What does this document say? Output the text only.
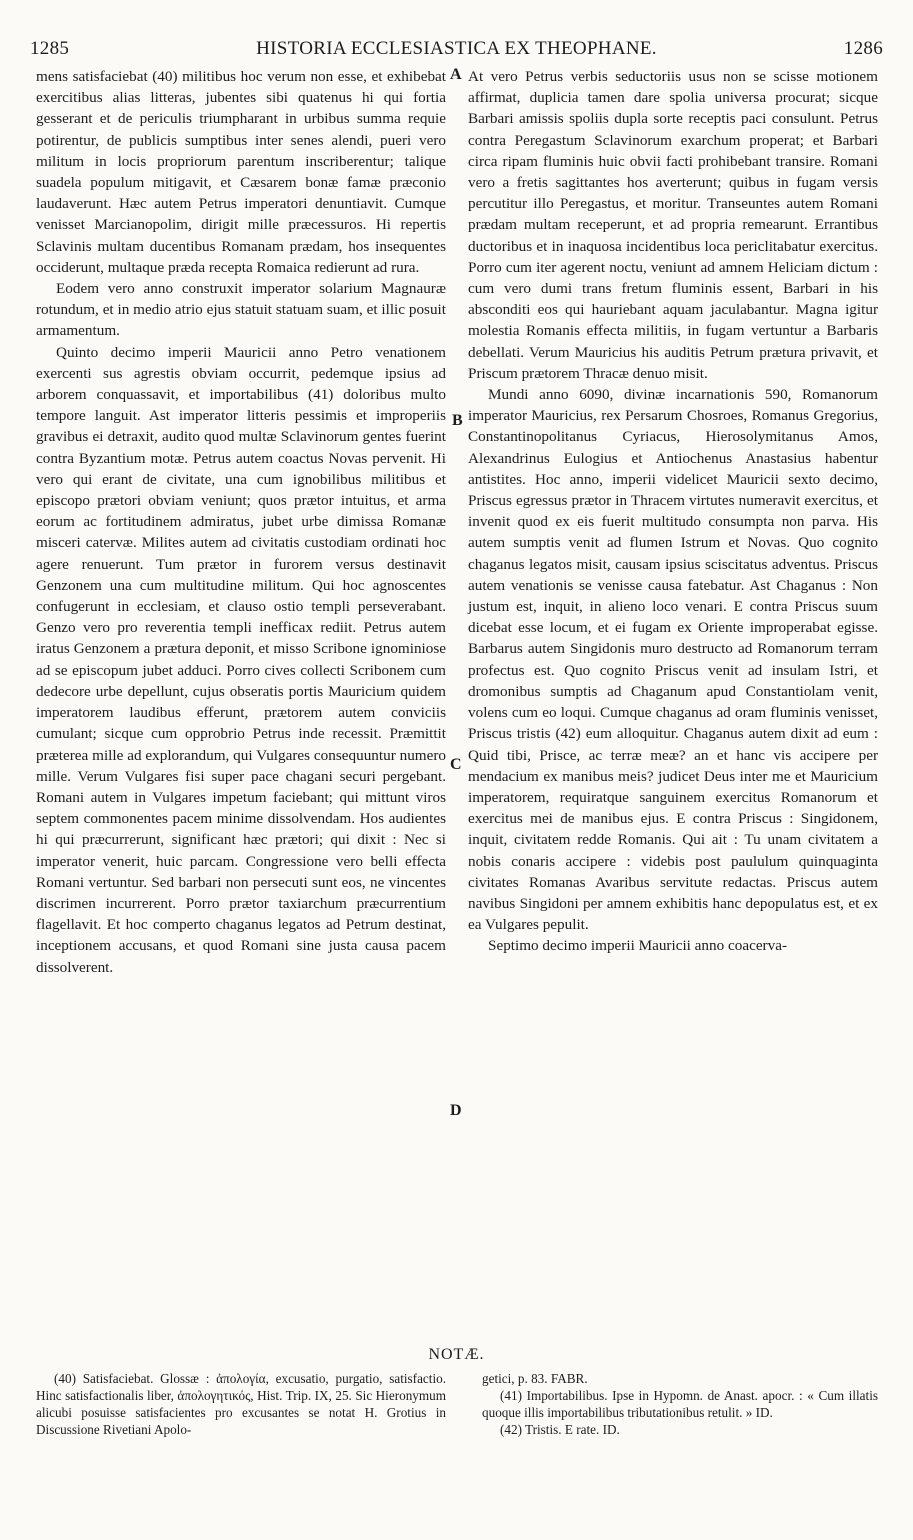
1285	HISTORIA ECCLESIASTICA EX THEOPHANE.	1286

mens satisfaciebat (40) militibus hoc verum non esse, et exhibebat exercitibus alias litteras, jubentes sibi quatenus hi qui fortia gesserant et de periculis triumpharant in urbibus summa requie potirentur, de publicis sumptibus inter senes alendi, pueri vero militum in locis propriorum parentum inscriberentur; talique suadela populum mitigavit, et Cæsarem bonæ famæ præconio laudaverunt. Hæc autem Petrus imperatori denuntiavit. Cumque venisset Marcianopolim, dirigit mille præcessuros. Hi repertis Sclavinis multam ducentibus Romanam prædam, hos insequentes occiderunt, multaque præda recepta Romaica redierunt ad rura.

Eodem vero anno construxit imperator solarium Magnauræ rotundum, et in medio atrio ejus statuit statuam suam, et illic posuit armamentum.

Quinto decimo imperii Mauricii anno Petro venationem exercenti sus agrestis obviam occurrit, pedemque ipsius ad arborem conquassavit, et importabilibus (41) doloribus multo tempore languit. Ast imperator litteris pessimis et improperiis gravibus ei detraxit, audito quod multæ Sclavinorum gentes fuerint contra Byzantium motæ. Petrus autem coactus Novas pervenit. Hi vero qui erant de civitate, una cum ignobilibus militibus et episcopo prætori obviam veniunt; quos prætor intuitus, et arma eorum ac fortitudinem admiratus, jubet urbe dimissa Romanæ misceri catervæ. Milites autem ad civitatis custodiam ordinati hoc agere renuerunt. Tum prætor in furorem versus destinavit Genzonem una cum multitudine militum. Qui hoc agnoscentes confugerunt in ecclesiam, et clauso ostio templi perseverabant. Genzo vero pro reverentia templi inefficax rediit. Petrus autem iratus Genzonem a prætura deponit, et misso Scribone ignominiose ad se episcopum jubet adduci. Porro cives collecti Scribonem cum dedecore urbe depellunt, cujus obseratis portis Mauricium quidem imperatorem laudibus efferunt, prætorem autem conviciis cumulant; sicque cum opprobrio Petrus inde recessit. Præmittit præterea mille ad explorandum, qui Vulgares consequuntur numero mille. Verum Vulgares fisi super pace chagani securi pergebant. Romani autem in Vulgares impetum faciebant; qui mittunt viros septem commonentes pacem minime dissolvendam. Hos audientes hi qui præcurrerunt, significant hæc prætori; qui dixit : Nec si imperator venerit, huic parcam. Congressione vero belli effecta Romani vertuntur. Sed barbari non persecuti sunt eos, ne vincentes discrimen incurrerent. Porro prætor taxiarchum præcurrentium flagellavit. Et hoc comperto chaganus legatos ad Petrum destinat, inceptionem accusans, et quod Romani sine justa causa pacem dissolverent.

At vero Petrus verbis seductoriis usus non se scisse motionem affirmat, duplicia tamen dare spolia universa procurat; sicque Barbari amissis spoliis dupla sorte receptis paci consulunt. Petrus contra Peregastum Sclavinorum exarchum properat; et Barbari circa ripam fluminis huic obvii facti prohibebant transire. Romani vero a fretis sagittantes hos averterunt; quibus in fugam versis percutitur illo Peregastus, et moritur. Transeuntes autem Romani prædam multam receperunt, et ad propria remearunt. Errantibus ductoribus et in inaquosa incidentibus loca periclitabatur exercitus. Porro cum iter agerent noctu, veniunt ad amnem Heliciam dictum : cum vero dumi trans fretum fluminis essent, Barbari in his absconditi eos qui hauriebant aquam jaculabantur. Magna igitur molestia Romanis effecta militiis, in fugam vertuntur a Barbaris debellati. Verum Mauricius his auditis Petrum prætura privavit, et Priscum prætorem Thracæ denuo misit.

Mundi anno 6090, divinæ incarnationis 590, Romanorum imperator Mauricius, rex Persarum Chosroes, Romanus Gregorius, Constantinopolitanus Cyriacus, Hierosolymitanus Amos, Alexandrinus Eulogius et Antiochenus Anastasius habentur antistites. Hoc anno, imperii videlicet Mauricii sexto decimo, Priscus egressus prætor in Thracem virtutes numeravit exercitus, et invenit quod ex eis fuerit multitudo consumpta non parva. His autem sumptis venit ad flumen Istrum et Novas. Quo cognito chaganus legatos misit, causam ipsius sciscitatus adventus. Priscus autem venationis se venisse causa fatebatur. Ast Chaganus : Non justum est, inquit, in alieno loco venari. E contra Priscus suum dicebat esse locum, et ei fugam ex Oriente improperabat egisse. Barbarus autem Singidonis muro destructo ad Romanorum terram profectus est. Quo cognito Priscus venit ad insulam Istri, et dromonibus sumptis ad Chaganum apud Constantiolam venit, volens cum eo loqui. Cumque chaganus ad oram fluminis venisset, Priscus tristis (42) eum alloquitur. Chaganus autem dixit ad eum : Quid tibi, Prisce, ac terræ meæ? an et hanc vis accipere per mendacium ex manibus meis? judicet Deus inter me et Mauricium imperatorem, requiratque sanguinem exercitus Romanorum et exercitus mei de manibus ejus. E contra Priscus : Singidonem, inquit, civitatem redde Romanis. Qui ait : Tu unam civitatem a nobis conaris accipere : videbis post paululum quinquaginta civitates Romanas Avaribus servitute redactas. Priscus autem navibus Singidoni per amnem exhibitis hanc depopulatus est, et ex ea Vulgares pepulit.

Septimo decimo imperii Mauricii anno coacerva-

A
B
C
D
NOTÆ.

(40) Satisfaciebat. Glossæ : ἀπολογία, excusatio, purgatio, satisfactio. Hinc satisfactionalis liber, ἀπολογητικός, Hist. Trip. IX, 25. Sic Hieronymum alicubi posuisse satisfacientes pro excusantes se notat H. Grotius in Discussione Rivetiani Apolo-

getici, p. 83. FABR.

(41) Importabilibus. Ipse in Hypomn. de Anast. apocr. : « Cum illatis quoque illis importabilibus tributationibus retulit. » ID.

(42) Tristis. E rate. ID.
